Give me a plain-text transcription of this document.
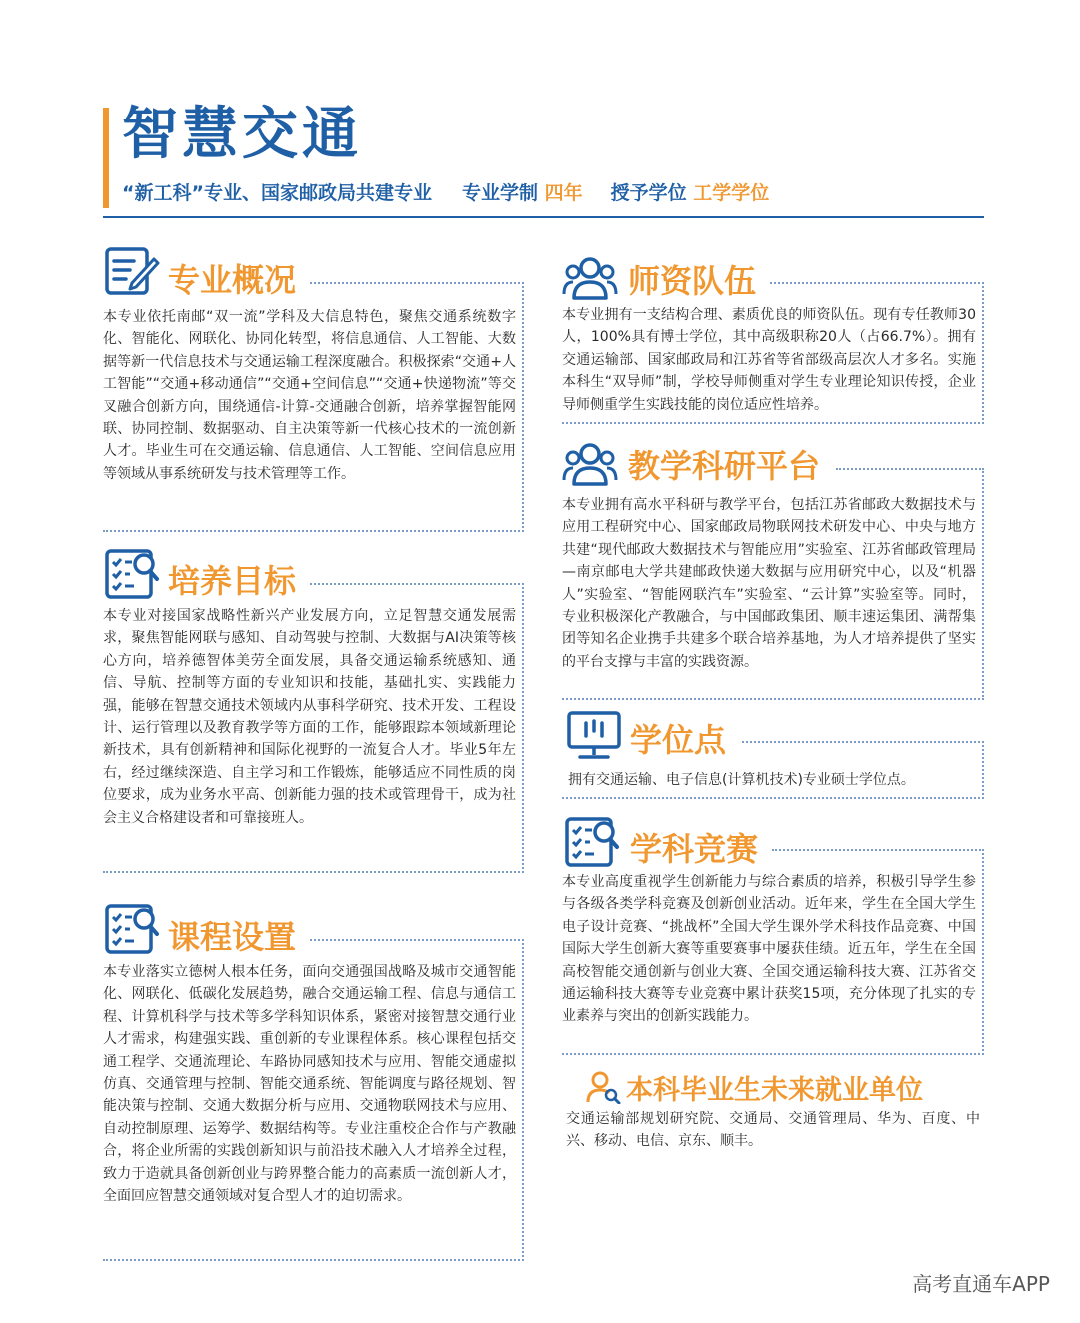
智慧交通
“新工科”专业、国家邮政局共建专业 专业学制 四年 授予学位 工学学位
专业概况
本专业依托南邮“双一流”学科及大信息特色，聚焦交通系统数字化、智能化、网联化、协同化转型，将信息通信、人工智能、大数据等新一代信息技术与交通运输工程深度融合。积极探索“交通+人工智能”“交通+移动通信”“交通+空间信息”“交通+快递物流”等交叉融合创新方向，围绕通信-计算-交通融合创新，培养掌握智能网联、协同控制、数据驱动、自主决策等新一代核心技术的一流创新人才。毕业生可在交通运输、信息通信、人工智能、空间信息应用等领域从事系统研发与技术管理等工作。
培养目标
本专业对接国家战略性新兴产业发展方向，立足智慧交通发展需求，聚焦智能网联与感知、自动驾驶与控制、大数据与AI决策等核心方向，培养德智体美劳全面发展，具备交通运输系统感知、通信、导航、控制等方面的专业知识和技能，基础扎实、实践能力强，能够在智慧交通技术领域内从事科学研究、技术开发、工程设计、运行管理以及教育教学等方面的工作，能够跟踪本领域新理论新技术，具有创新精神和国际化视野的一流复合人才。毕业5年左右，经过继续深造、自主学习和工作锻炼，能够适应不同性质的岗位要求，成为业务水平高、创新能力强的技术或管理骨干，成为社会主义合格建设者和可靠接班人。
课程设置
本专业落实立德树人根本任务，面向交通强国战略及城市交通智能化、网联化、低碳化发展趋势，融合交通运输工程、信息与通信工程、计算机科学与技术等多学科知识体系，紧密对接智慧交通行业人才需求，构建强实践、重创新的专业课程体系。核心课程包括交通工程学、交通流理论、车路协同感知技术与应用、智能交通虚拟仿真、交通管理与控制、智能交通系统、智能调度与路径规划、智能决策与控制、交通大数据分析与应用、交通物联网技术与应用、自动控制原理、运筹学、数据结构等。专业注重校企合作与产教融合，将企业所需的实践创新知识与前沿技术融入人才培养全过程，致力于造就具备创新创业与跨界整合能力的高素质一流创新人才，全面回应智慧交通领域对复合型人才的迫切需求。
师资队伍
本专业拥有一支结构合理、素质优良的师资队伍。现有专任教师30人，100%具有博士学位，其中高级职称20人（占66.7%）。拥有交通运输部、国家邮政局和江苏省等省部级高层次人才多名。实施本科生“双导师”制，学校导师侧重对学生专业理论知识传授，企业导师侧重学生实践技能的岗位适应性培养。
教学科研平台
本专业拥有高水平科研与教学平台，包括江苏省邮政大数据技术与应用工程研究中心、国家邮政局物联网技术研发中心、中央与地方共建“现代邮政大数据技术与智能应用”实验室、江苏省邮政管理局—南京邮电大学共建邮政快递大数据与应用研究中心，以及“机器人”实验室、“智能网联汽车”实验室、“云计算”实验室等。同时，专业积极深化产教融合，与中国邮政集团、顺丰速运集团、满帮集团等知名企业携手共建多个联合培养基地，为人才培养提供了坚实的平台支撑与丰富的实践资源。
学位点
拥有交通运输、电子信息(计算机技术)专业硕士学位点。
学科竞赛
本专业高度重视学生创新能力与综合素质的培养，积极引导学生参与各级各类学科竞赛及创新创业活动。近年来，学生在全国大学生电子设计竞赛、“挑战杯”全国大学生课外学术科技作品竞赛、中国国际大学生创新大赛等重要赛事中屡获佳绩。近五年，学生在全国高校智能交通创新与创业大赛、全国交通运输科技大赛、江苏省交通运输科技大赛等专业竞赛中累计获奖15项，充分体现了扎实的专业素养与突出的创新实践能力。
本科毕业生未来就业单位
交通运输部规划研究院、交通局、交通管理局、华为、百度、中兴、移动、电信、京东、顺丰。
高考直通车APP
